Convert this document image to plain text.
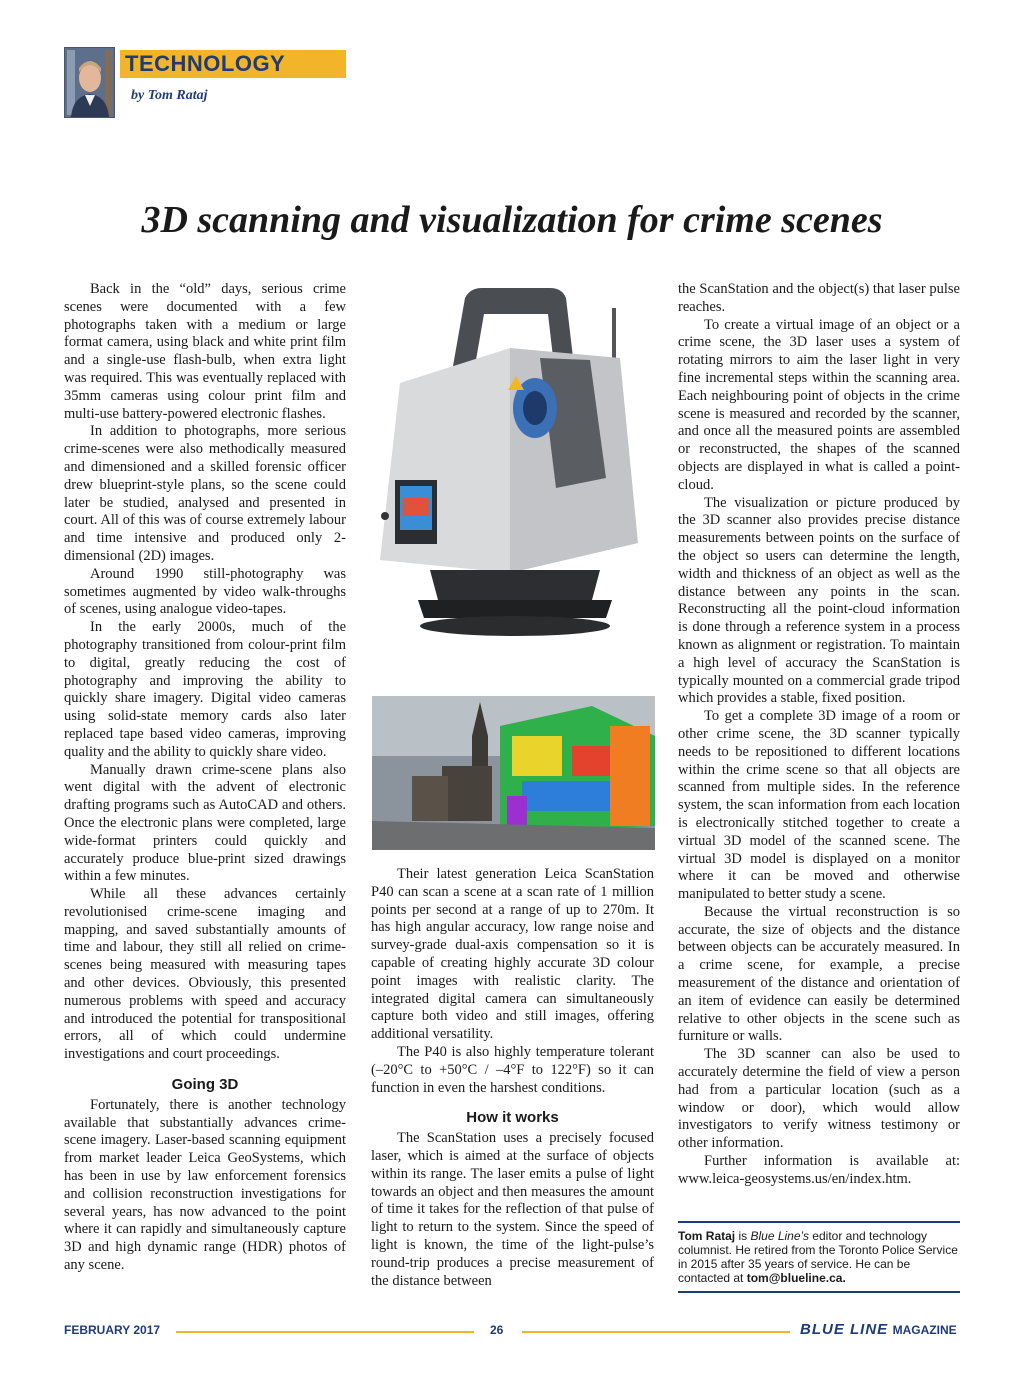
TECHNOLOGY
by Tom Rataj
3D scanning and visualization for crime scenes

Back in the “old” days, serious crime scenes were documented with a few photographs taken with a medium or large format camera, using black and white print film and a single-use flash-bulb, when extra light was required. This was eventually replaced with 35mm cameras using colour print film and multi-use battery-powered electronic flashes.

In addition to photographs, more serious crime-scenes were also methodically measured and dimensioned and a skilled forensic officer drew blueprint-style plans, so the scene could later be studied, analysed and presented in court. All of this was of course extremely labour and time intensive and produced only 2-dimensional (2D) images.

Around 1990 still-photography was sometimes augmented by video walk-throughs of scenes, using analogue video-tapes.

In the early 2000s, much of the photography transitioned from colour-print film to digital, greatly reducing the cost of photography and improving the ability to quickly share imagery. Digital video cameras using solid-state memory cards also later replaced tape based video cameras, improving quality and the ability to quickly share video.

Manually drawn crime-scene plans also went digital with the advent of electronic drafting programs such as AutoCAD and others. Once the electronic plans were completed, large wide-format printers could quickly and accurately produce blue-print sized drawings within a few minutes.

While all these advances certainly revolutionised crime-scene imaging and mapping, and saved substantially amounts of time and labour, they still all relied on crime-scenes being measured with measuring tapes and other devices. Obviously, this presented numerous problems with speed and accuracy and introduced the potential for transpositional errors, all of which could undermine investigations and court proceedings.

Going 3D

Fortunately, there is another technology available that substantially advances crime-scene imagery. Laser-based scanning equipment from market leader Leica GeoSystems, which has been in use by law enforcement forensics and collision reconstruction investigations for several years, has now advanced to the point where it can rapidly and simultaneously capture 3D and high dynamic range (HDR) photos of any scene.

Their latest generation Leica ScanStation P40 can scan a scene at a scan rate of 1 million points per second at a range of up to 270m. It has high angular accuracy, low range noise and survey-grade dual-axis compensation so it is capable of creating highly accurate 3D colour point images with realistic clarity. The integrated digital camera can simultaneously capture both video and still images, offering additional versatility.

The P40 is also highly temperature tolerant (–20°C to +50°C / –4°F to 122°F) so it can function in even the harshest conditions.

How it works

The ScanStation uses a precisely focused laser, which is aimed at the surface of objects within its range. The laser emits a pulse of light towards an object and then measures the amount of time it takes for the reflection of that pulse of light to return to the system. Since the speed of light is known, the time of the light-pulse’s round-trip produces a precise measurement of the distance between

the ScanStation and the object(s) that laser pulse reaches.

To create a virtual image of an object or a crime scene, the 3D laser uses a system of rotating mirrors to aim the laser light in very fine incremental steps within the scanning area. Each neighbouring point of objects in the crime scene is measured and recorded by the scanner, and once all the measured points are assembled or reconstructed, the shapes of the scanned objects are displayed in what is called a point-cloud.

The visualization or picture produced by the 3D scanner also provides precise distance measurements between points on the surface of the object so users can determine the length, width and thickness of an object as well as the distance between any points in the scan. Reconstructing all the point-cloud information is done through a reference system in a process known as alignment or registration. To maintain a high level of accuracy the ScanStation is typically mounted on a commercial grade tripod which provides a stable, fixed position.

To get a complete 3D image of a room or other crime scene, the 3D scanner typically needs to be repositioned to different locations within the crime scene so that all objects are scanned from multiple sides. In the reference system, the scan information from each location is electronically stitched together to create a virtual 3D model of the scanned scene. The virtual 3D model is displayed on a monitor where it can be moved and otherwise manipulated to better study a scene.

Because the virtual reconstruction is so accurate, the size of objects and the distance between objects can be accurately measured. In a crime scene, for example, a precise measurement of the distance and orientation of an item of evidence can easily be determined relative to other objects in the scene such as furniture or walls.

The 3D scanner can also be used to accurately determine the field of view a person had from a particular location (such as a window or door), which would allow investigators to verify witness testimony or other information.

Further information is available at: www.leica-geosystems.us/en/index.htm.

Tom Rataj is Blue Line’s editor and technology columnist. He retired from the Toronto Police Service in 2015 after 35 years of service. He can be contacted at tom@blueline.ca.
FEBRUARY 2017	26	BLUE LINE MAGAZINE
